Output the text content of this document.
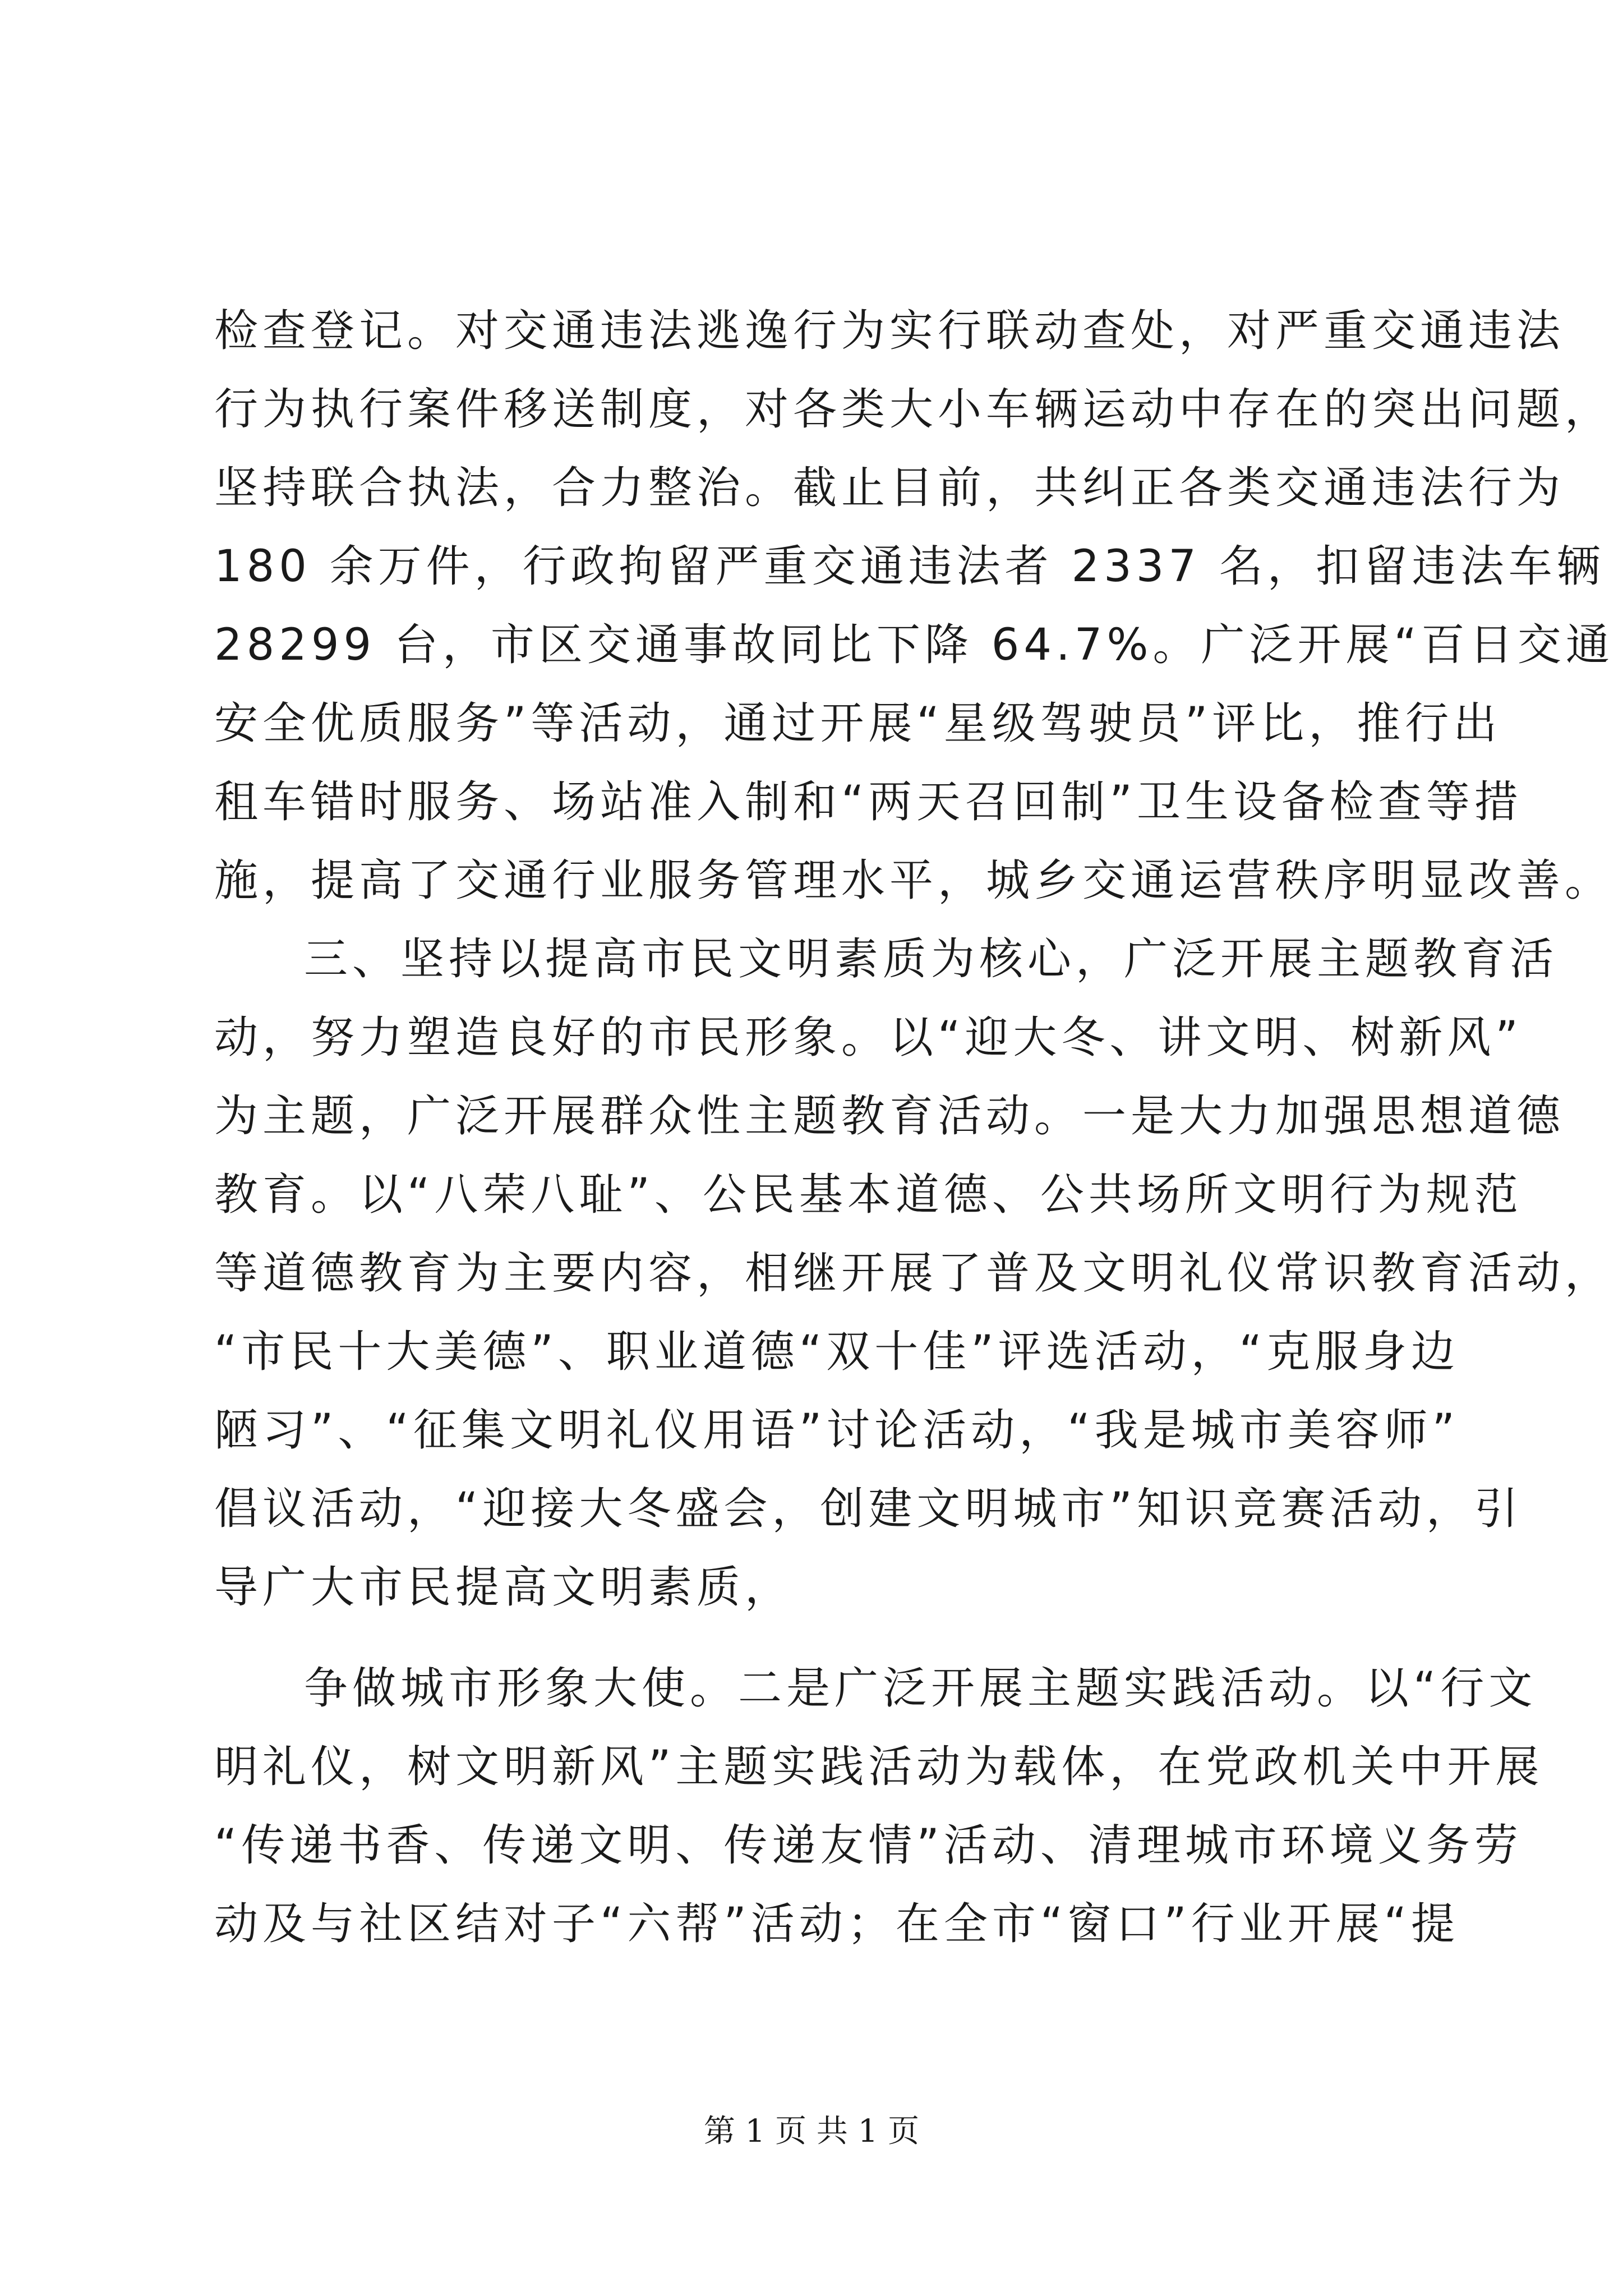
检查登记。对交通违法逃逸行为实行联动查处，对严重交通违法
行为执行案件移送制度，对各类大小车辆运动中存在的突出问题，
坚持联合执法，合力整治。截止目前，共纠正各类交通违法行为
180 余万件，行政拘留严重交通违法者 2337 名，扣留违法车辆
28299 台，市区交通事故同比下降 64.7%。广泛开展“百日交通
安全优质服务”等活动，通过开展“星级驾驶员”评比，推行出
租车错时服务、场站准入制和“两天召回制”卫生设备检查等措
施，提高了交通行业服务管理水平，城乡交通运营秩序明显改善。
三、坚持以提高市民文明素质为核心，广泛开展主题教育活
动，努力塑造良好的市民形象。以“迎大冬、讲文明、树新风”
为主题，广泛开展群众性主题教育活动。一是大力加强思想道德
教育。以“八荣八耻”、公民基本道德、公共场所文明行为规范
等道德教育为主要内容，相继开展了普及文明礼仪常识教育活动，
“市民十大美德”、职业道德“双十佳”评选活动，“克服身边
陋习”、“征集文明礼仪用语”讨论活动，“我是城市美容师”
倡议活动，“迎接大冬盛会，创建文明城市”知识竞赛活动，引
导广大市民提高文明素质，
争做城市形象大使。二是广泛开展主题实践活动。以“行文
明礼仪，树文明新风”主题实践活动为载体，在党政机关中开展
“传递书香、传递文明、传递友情”活动、清理城市环境义务劳
动及与社区结对子“六帮”活动；在全市“窗口”行业开展“提
第 1 页 共 1 页
